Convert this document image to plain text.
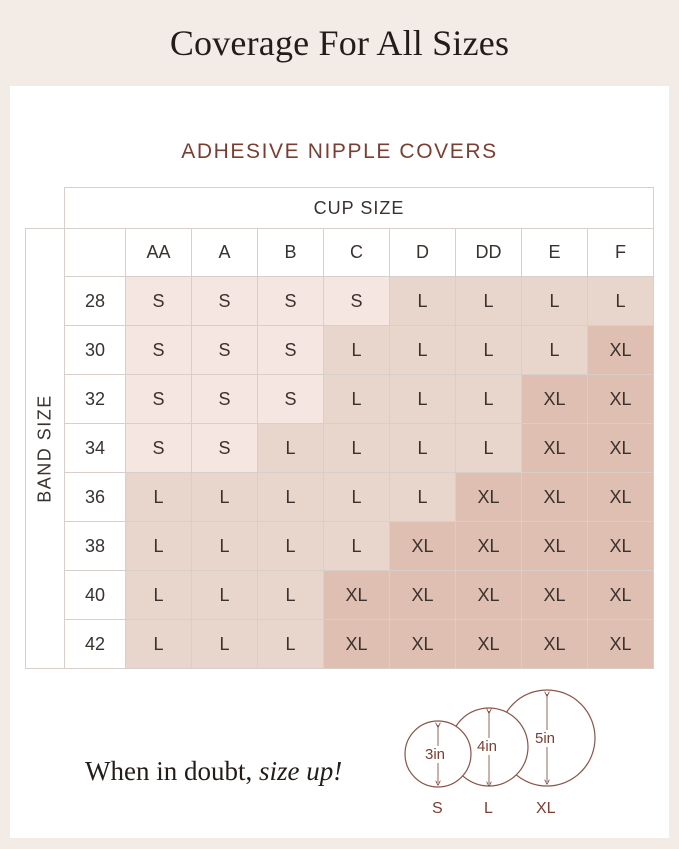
Coverage For All Sizes
ADHESIVE NIPPLE COVERS
	CUP SIZE								

BAND SIZE		AA	A	B	C	D	DD	E	F
	28	S	S	S	S	L	L	L	L
	30	S	S	S	L	L	L	L	XL
	32	S	S	S	L	L	L	XL	XL
	34	S	S	L	L	L	L	XL	XL
	36	L	L	L	L	L	XL	XL	XL
	38	L	L	L	L	XL	XL	XL	XL
	40	L	L	L	XL	XL	XL	XL	XL
	42	L	L	L	XL	XL	XL	XL	XL
When in doubt, size up!
3in 4in	5in
S	L	XL
